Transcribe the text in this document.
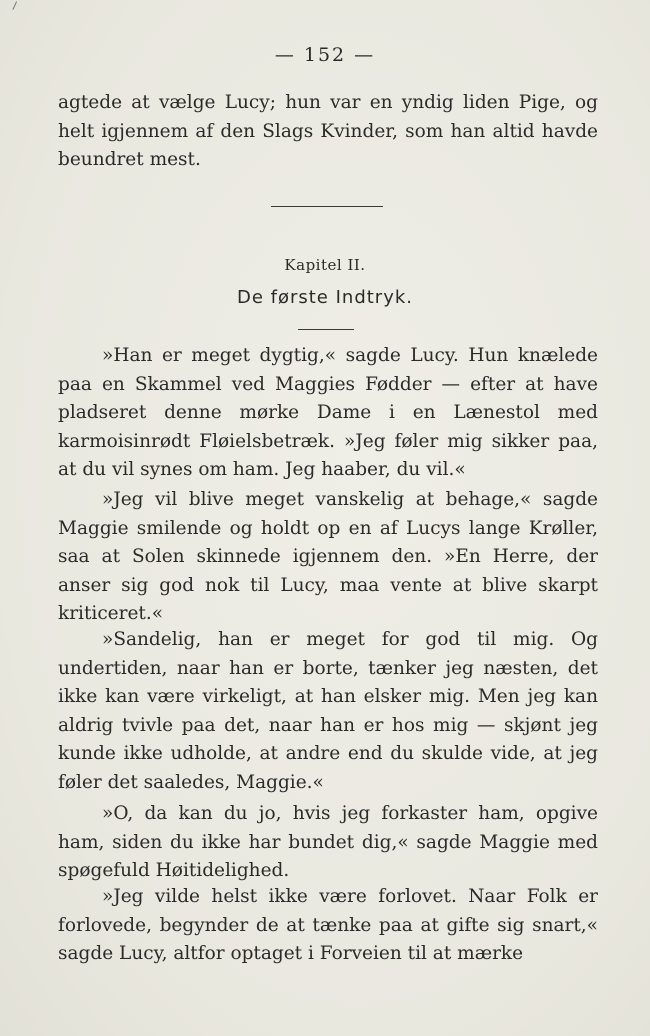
— 152 —

agtede at vælge Lucy; hun var en yndig liden Pige, og helt igjennem af den Slags Kvinder, som han altid havde beundret mest.

Kapitel II.
De første Indtryk.

»Han er meget dygtig,« sagde Lucy. Hun knælede paa en Skammel ved Maggies Fødder — efter at have pladseret denne mørke Dame i en Lænestol med karmoisinrødt Fløielsbetræk. »Jeg føler mig sikker paa, at du vil synes om ham. Jeg haaber, du vil.«

»Jeg vil blive meget vanskelig at behage,« sagde Maggie smilende og holdt op en af Lucys lange Krøller, saa at Solen skinnede igjennem den. »En Herre, der anser sig god nok til Lucy, maa vente at blive skarpt kriticeret.«

»Sandelig, han er meget for god til mig. Og undertiden, naar han er borte, tænker jeg næsten, det ikke kan være virkeligt, at han elsker mig. Men jeg kan aldrig tvivle paa det, naar han er hos mig — skjønt jeg kunde ikke udholde, at andre end du skulde vide, at jeg føler det saaledes, Maggie.«

»O, da kan du jo, hvis jeg forkaster ham, opgive ham, siden du ikke har bundet dig,« sagde Maggie med spøgefuld Høitidelighed.

»Jeg vilde helst ikke være forlovet. Naar Folk er forlovede, begynder de at tænke paa at gifte sig snart,« sagde Lucy, altfor optaget i Forveien til at mærke
